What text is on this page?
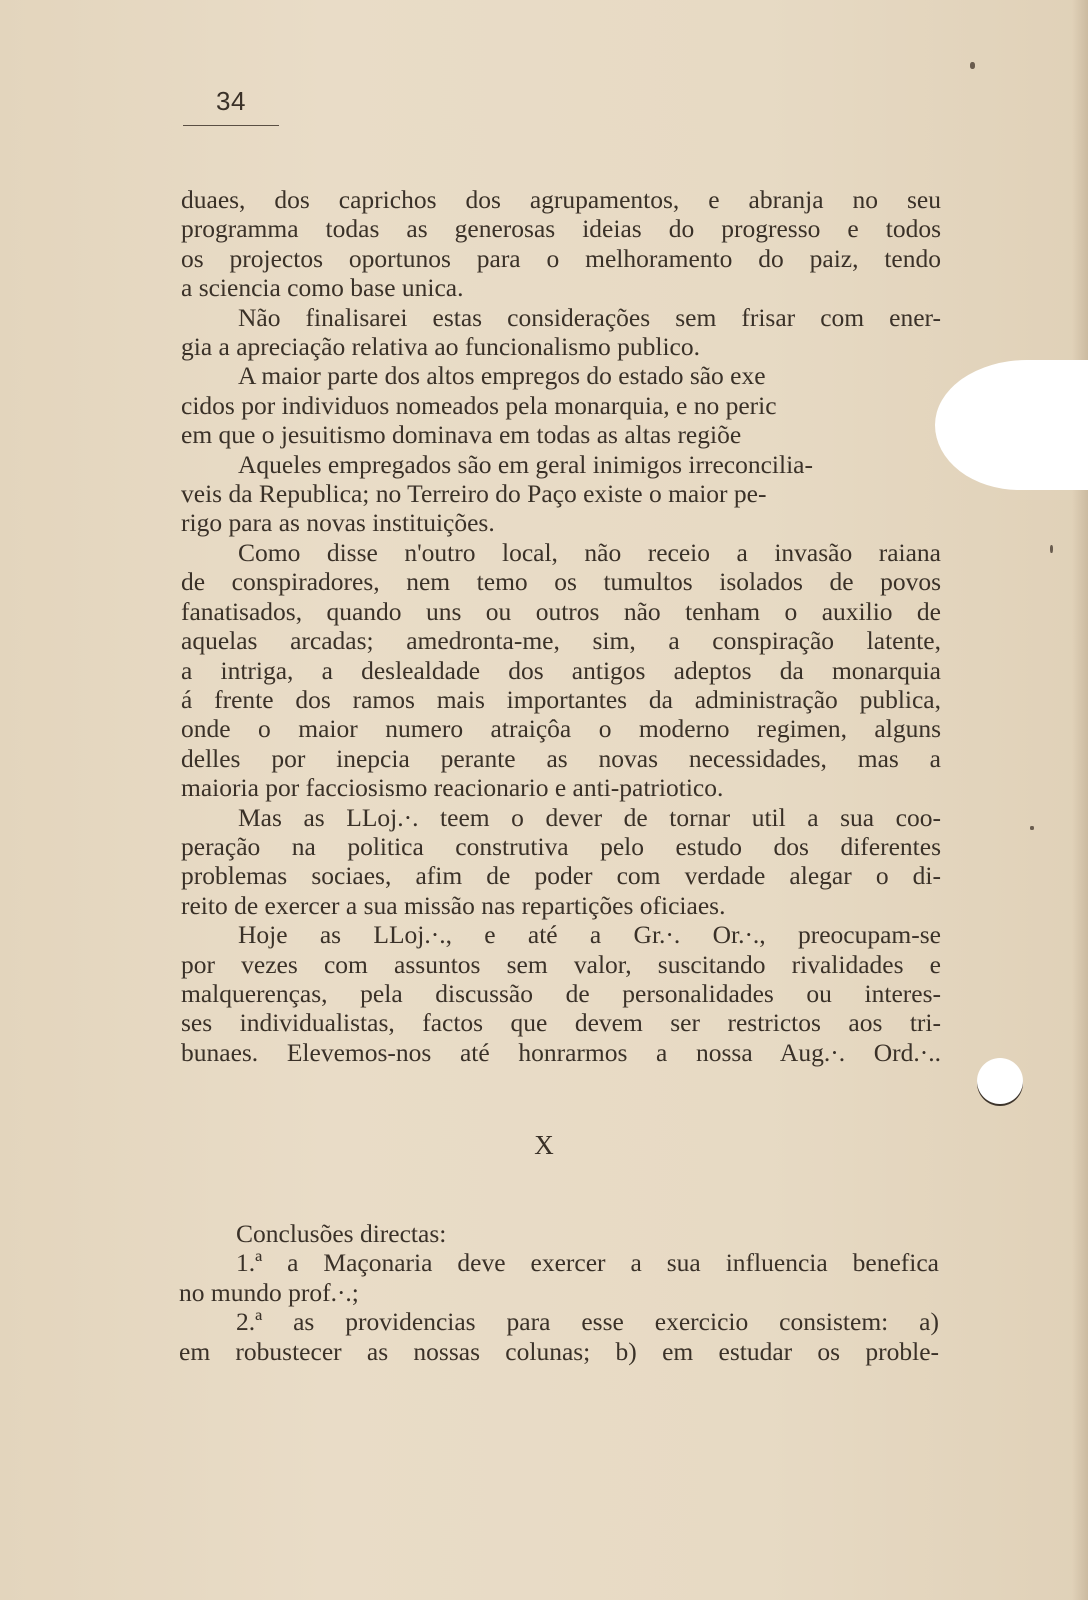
34
duaes, dos caprichos dos agrupamentos, e abranja no seu
programma todas as generosas ideias do progresso e todos
os projectos oportunos para o melhoramento do paiz, tendo
a sciencia como base unica.
Não finalisarei estas considerações sem frisar com ener-
gia a apreciação relativa ao funcionalismo publico.
A maior parte dos altos empregos do estado são exe
cidos por individuos nomeados pela monarquia, e no peric
em que o jesuitismo dominava em todas as altas regiõe
Aqueles empregados são em geral inimigos irreconcilia-
veis da Republica; no Terreiro do Paço existe o maior pe-
rigo para as novas instituições.
Como disse n'outro local, não receio a invasão raiana
de conspiradores, nem temo os tumultos isolados de povos
fanatisados, quando uns ou outros não tenham o auxilio de
aquelas arcadas; amedronta-me, sim, a conspiração latente,
a intriga, a deslealdade dos antigos adeptos da monarquia
á frente dos ramos mais importantes da administração publica,
onde o maior numero atraiçôa o moderno regimen, alguns
delles por inepcia perante as novas necessidades, mas a
maioria por facciosismo reacionario e anti-patriotico.
Mas as LLoj.·. teem o dever de tornar util a sua coo-
peração na politica construtiva pelo estudo dos diferentes
problemas sociaes, afim de poder com verdade alegar o di-
reito de exercer a sua missão nas repartições oficiaes.
Hoje as LLoj.·., e até a Gr.·. Or.·., preocupam-se
por vezes com assuntos sem valor, suscitando rivalidades e
malquerenças, pela discussão de personalidades ou interes-
ses individualistas, factos que devem ser restrictos aos tri-
bunaes. Elevemos-nos até honrarmos a nossa Aug.·. Ord.·..
X
Conclusões directas:
1.ª a Maçonaria deve exercer a sua influencia benefica
no mundo prof.·.;
2.ª as providencias para esse exercicio consistem: a)
em robustecer as nossas colunas; b) em estudar os proble-
